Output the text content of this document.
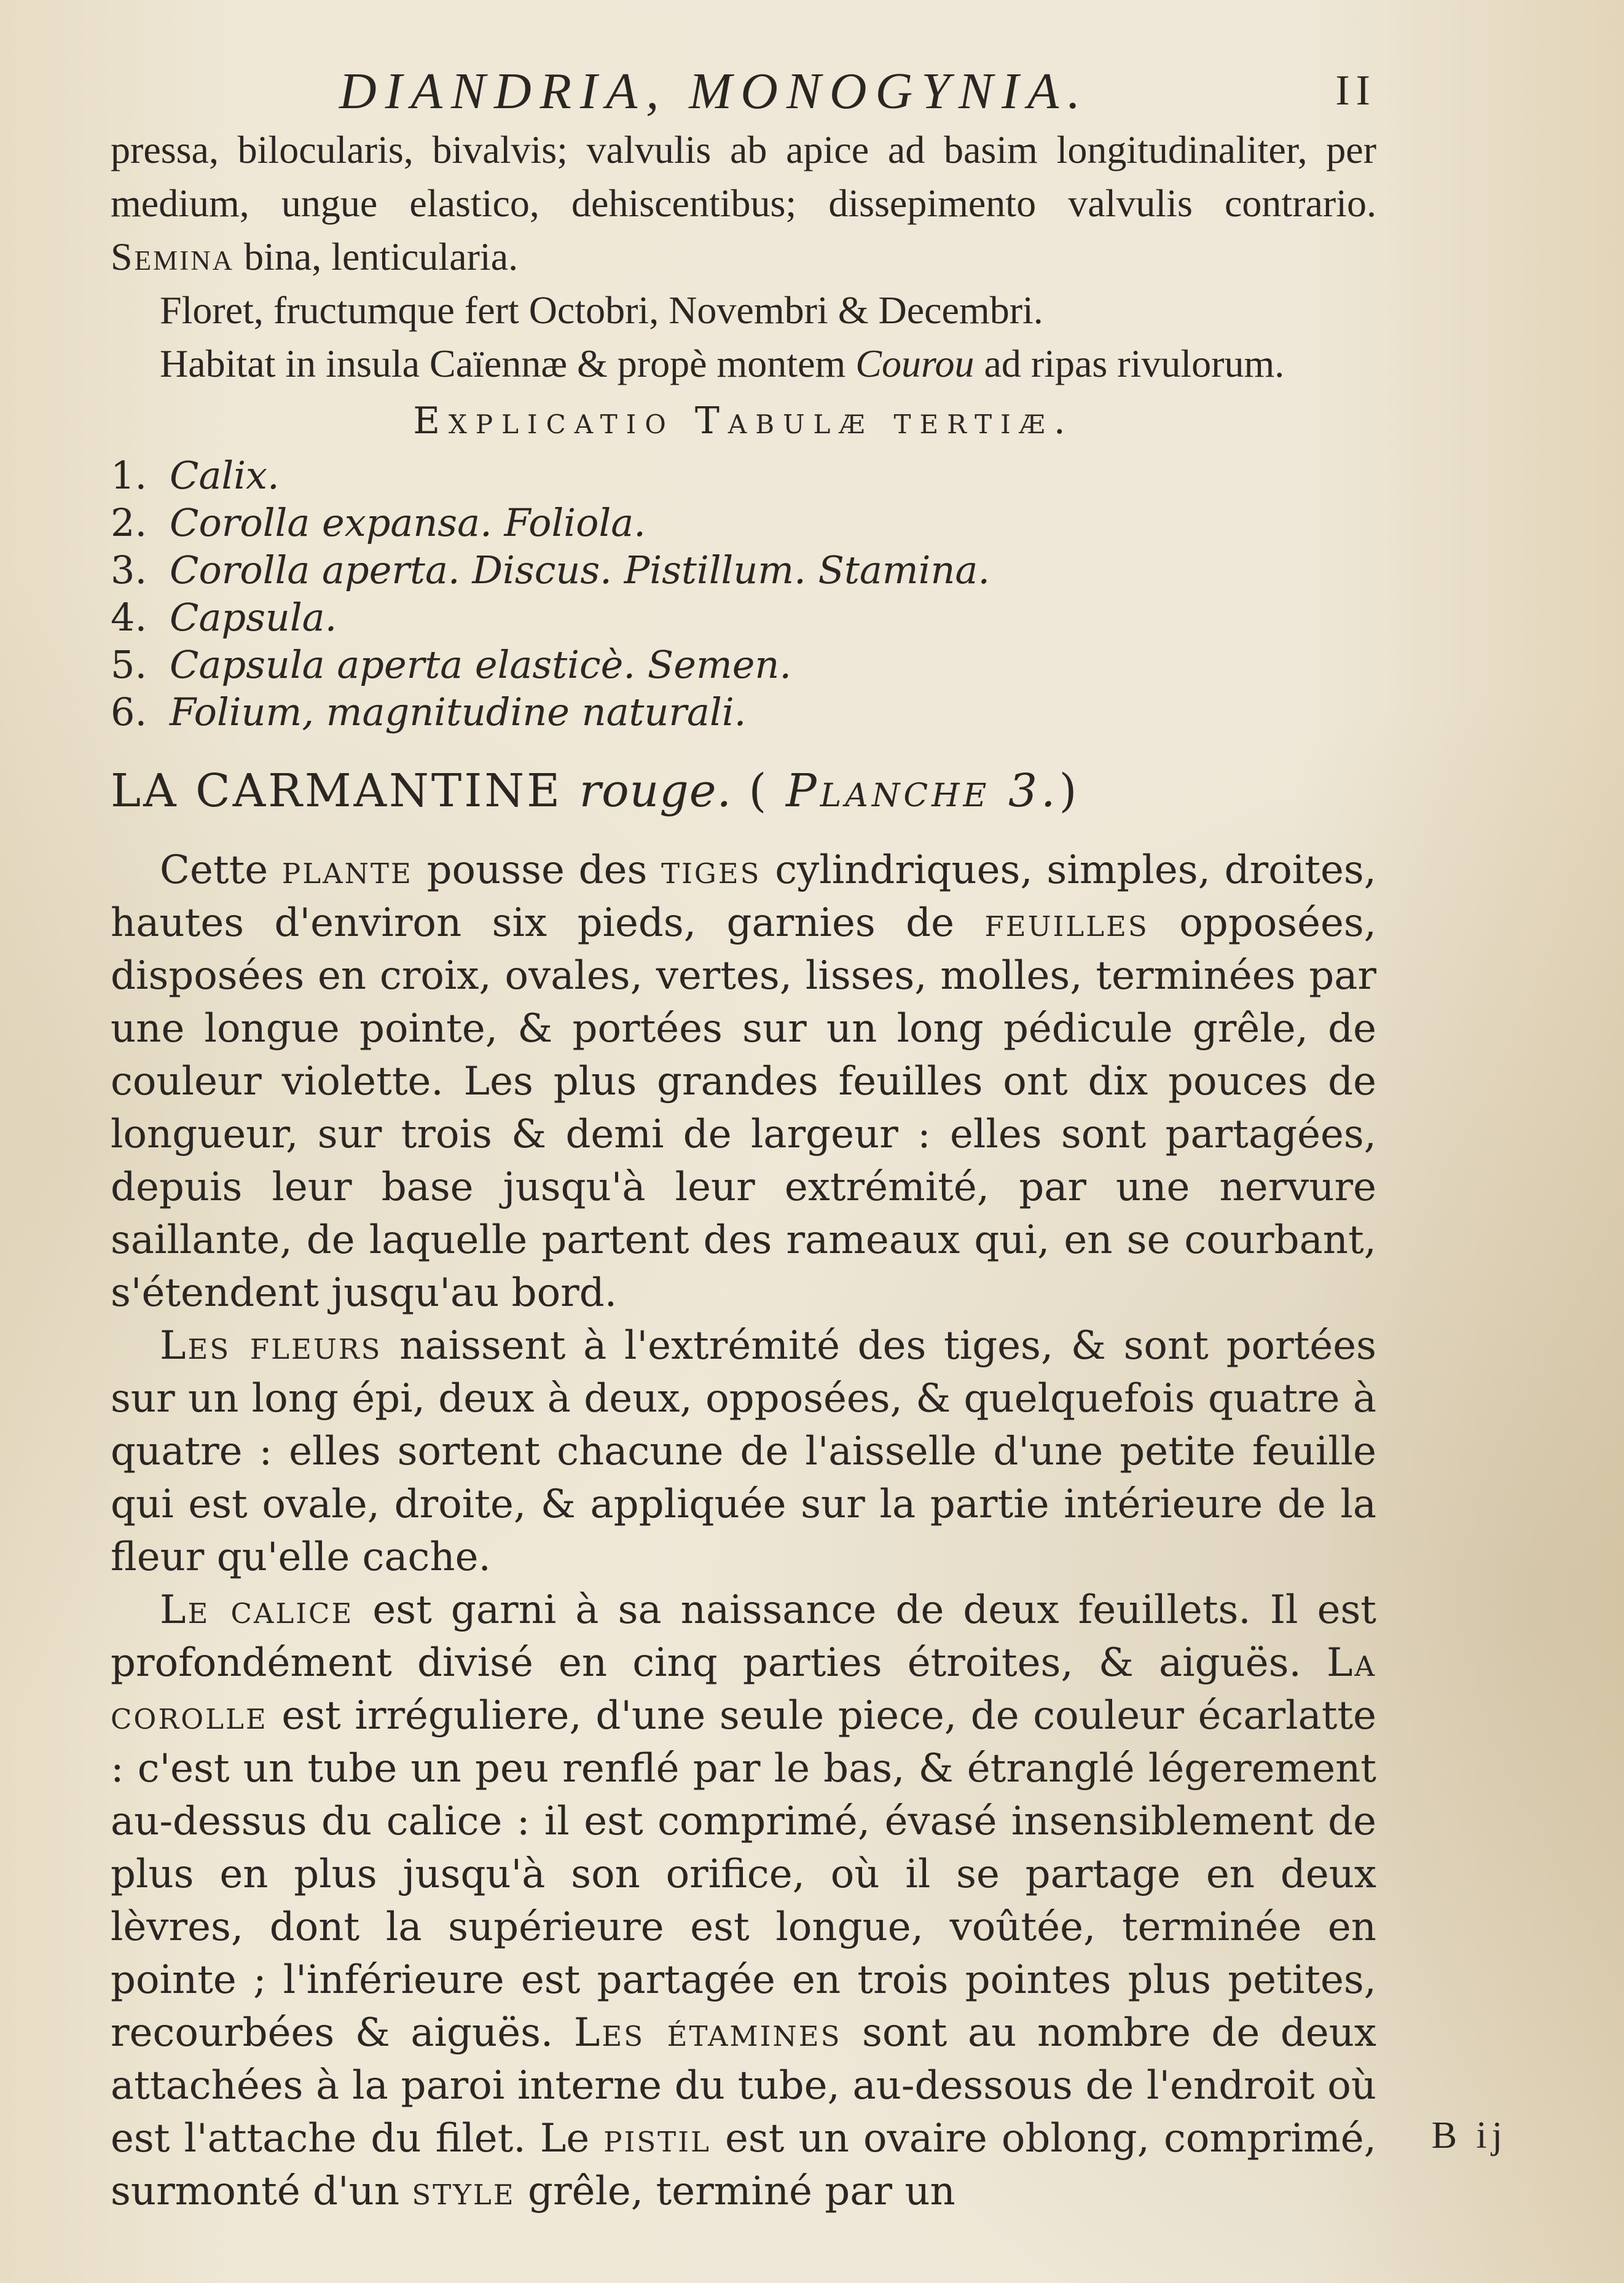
DIANDRIA, MONOGYNIA.	II

pressa, bilocularis, bivalvis; valvulis ab apice ad basim longitudinaliter, per medium, ungue elastico, dehiscentibus; dissepimento valvulis contrario. Semina bina, lenticularia.

Floret, fructumque fert Octobri, Novembri & Decembri.

Habitat in insula Caïennæ & propè montem Courou ad ripas rivulorum.

Explicatio Tabulæ tertiæ.

1. Calix.
2. Corolla expansa. Foliola.
3. Corolla aperta. Discus. Pistillum. Stamina.
4. Capsula.
5. Capsula aperta elasticè. Semen.
6. Folium, magnitudine naturali.
LA CARMANTINE rouge. ( Planche 3.)

Cette plante pousse des tiges cylindriques, simples, droites, hautes d'environ six pieds, garnies de feuilles opposées, disposées en croix, ovales, vertes, lisses, molles, terminées par une longue pointe, & portées sur un long pédicule grêle, de couleur violette. Les plus grandes feuilles ont dix pouces de longueur, sur trois & demi de largeur : elles sont partagées, depuis leur base jusqu'à leur extrémité, par une nervure saillante, de laquelle partent des rameaux qui, en se courbant, s'étendent jusqu'au bord.

Les fleurs naissent à l'extrémité des tiges, & sont portées sur un long épi, deux à deux, opposées, & quelquefois quatre à quatre : elles sortent chacune de l'aisselle d'une petite feuille qui est ovale, droite, & appliquée sur la partie intérieure de la fleur qu'elle cache.

Le calice est garni à sa naissance de deux feuillets. Il est profondément divisé en cinq parties étroites, & aiguës. La corolle est irréguliere, d'une seule piece, de couleur écarlatte : c'est un tube un peu renflé par le bas, & étranglé légerement au-dessus du calice : il est comprimé, évasé insensiblement de plus en plus jusqu'à son orifice, où il se partage en deux lèvres, dont la supérieure est longue, voûtée, terminée en pointe ; l'inférieure est partagée en trois pointes plus petites, recourbées & aiguës. Les étamines sont au nombre de deux attachées à la paroi interne du tube, au-dessous de l'endroit où est l'attache du filet. Le pistil est un ovaire oblong, comprimé, surmonté d'un style grêle, terminé par un

B ij
